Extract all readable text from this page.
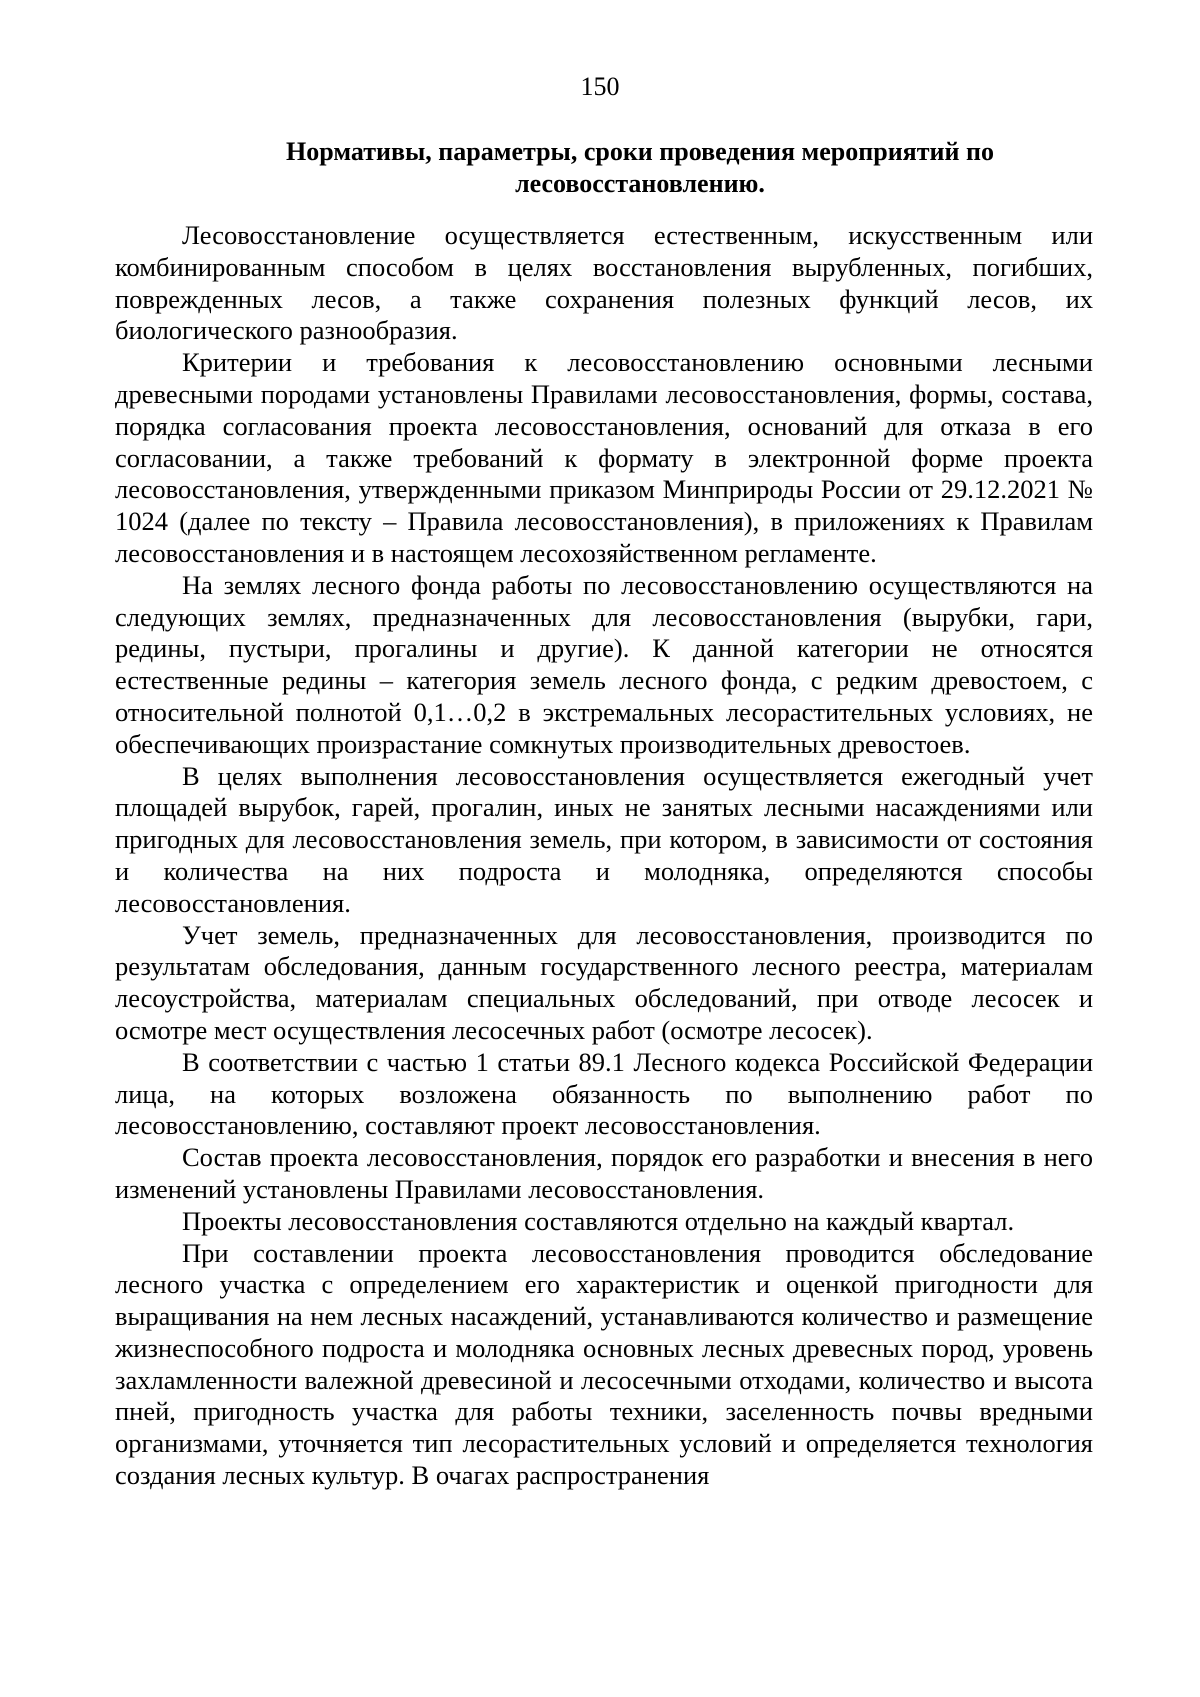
150
Нормативы, параметры, сроки проведения мероприятий по лесовосстановлению.

Лесовосстановление осуществляется естественным, искусственным или комбинированным способом в целях восстановления вырубленных, погибших, поврежденных лесов, а также сохранения полезных функций лесов, их биологического разнообразия.

Критерии и требования к лесовосстановлению основными лесными древесными породами установлены Правилами лесовосстановления, формы, состава, порядка согласования проекта лесовосстановления, оснований для отказа в его согласовании, а также требований к формату в электронной форме проекта лесовосстановления, утвержденными приказом Минприроды России от 29.12.2021 № 1024 (далее по тексту – Правила лесовосстановления), в приложениях к Правилам лесовосстановления и в настоящем лесохозяйственном регламенте.

На землях лесного фонда работы по лесовосстановлению осуществляются на следующих землях, предназначенных для лесовосстановления (вырубки, гари, редины, пустыри, прогалины и другие). К данной категории не относятся естественные редины – категория земель лесного фонда, с редким древостоем, с относительной полнотой 0,1…0,2 в экстремальных лесорастительных условиях, не обеспечивающих произрастание сомкнутых производительных древостоев.

В целях выполнения лесовосстановления осуществляется ежегодный учет площадей вырубок, гарей, прогалин, иных не занятых лесными насаждениями или пригодных для лесовосстановления земель, при котором, в зависимости от состояния и количества на них подроста и молодняка, определяются способы лесовосстановления.

Учет земель, предназначенных для лесовосстановления, производится по результатам обследования, данным государственного лесного реестра, материалам лесоустройства, материалам специальных обследований, при отводе лесосек и осмотре мест осуществления лесосечных работ (осмотре лесосек).

В соответствии с частью 1 статьи 89.1 Лесного кодекса Российской Федерации лица, на которых возложена обязанность по выполнению работ по лесовосстановлению, составляют проект лесовосстановления.

Состав проекта лесовосстановления, порядок его разработки и внесения в него изменений установлены Правилами лесовосстановления.

Проекты лесовосстановления составляются отдельно на каждый квартал.

При составлении проекта лесовосстановления проводится обследование лесного участка с определением его характеристик и оценкой пригодности для выращивания на нем лесных насаждений, устанавливаются количество и размещение жизнеспособного подроста и молодняка основных лесных древесных пород, уровень захламленности валежной древесиной и лесосечными отходами, количество и высота пней, пригодность участка для работы техники, заселенность почвы вредными организмами, уточняется тип лесорастительных условий и определяется технология создания лесных культур. В очагах распространения
